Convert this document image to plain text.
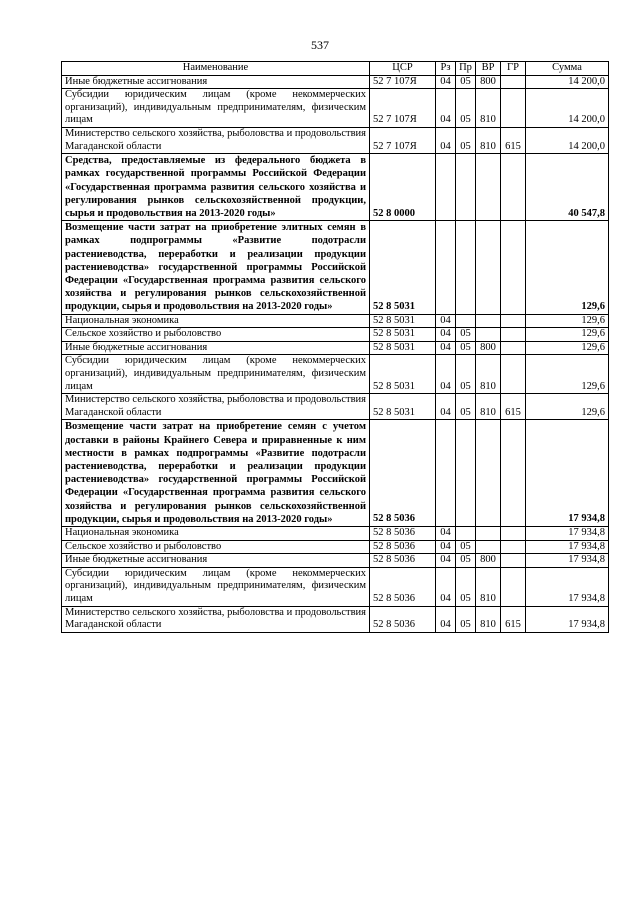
537
Наименование	ЦСР	Рз	Пр	ВР	ГР	Сумма
Иные бюджетные ассигнования	52 7 107Я	04	05	800		14 200,0
Субсидии юридическим лицам (кроме некоммерческих организаций), индивидуальным предпринимателям, физическим лицам	52 7 107Я	04	05	810		14 200,0
Министерство сельского хозяйства, рыболовства и продовольствия Магаданской области	52 7 107Я	04	05	810	615	14 200,0
Средства, предоставляемые из федерального бюджета в рамках государственной программы Российской Федерации «Государственная программа развития сельского хозяйства и регулирования рынков сельскохозяйственной продукции, сырья и продовольствия на 2013-2020 годы»	52 8 0000					40 547,8
Возмещение части затрат на приобретение элитных семян в рамках подпрограммы «Развитие подотрасли растениеводства, переработки и реализации продукции растениеводства» государственной программы Российской Федерации «Государственная программа развития сельского хозяйства и регулирования рынков сельскохозяйственной продукции, сырья и продовольствия на 2013-2020 годы»	52 8 5031					129,6
Национальная экономика	52 8 5031	04				129,6
Сельское хозяйство и рыболовство	52 8 5031	04	05			129,6
Иные бюджетные ассигнования	52 8 5031	04	05	800		129,6
Субсидии юридическим лицам (кроме некоммерческих организаций), индивидуальным предпринимателям, физическим лицам	52 8 5031	04	05	810		129,6
Министерство сельского хозяйства, рыболовства и продовольствия Магаданской области	52 8 5031	04	05	810	615	129,6
Возмещение части затрат на приобретение семян с учетом доставки в районы Крайнего Севера и приравненные к ним местности в рамках подпрограммы «Развитие подотрасли растениеводства, переработки и реализации продукции растениеводства» государственной программы Российской Федерации «Государственная программа развития сельского хозяйства и регулирования рынков сельскохозяйственной продукции, сырья и продовольствия на 2013-2020 годы»	52 8 5036					17 934,8
Национальная экономика	52 8 5036	04				17 934,8
Сельское хозяйство и рыболовство	52 8 5036	04	05			17 934,8
Иные бюджетные ассигнования	52 8 5036	04	05	800		17 934,8
Субсидии юридическим лицам (кроме некоммерческих организаций), индивидуальным предпринимателям, физическим лицам	52 8 5036	04	05	810		17 934,8
Министерство сельского хозяйства, рыболовства и продовольствия Магаданской области	52 8 5036	04	05	810	615	17 934,8
